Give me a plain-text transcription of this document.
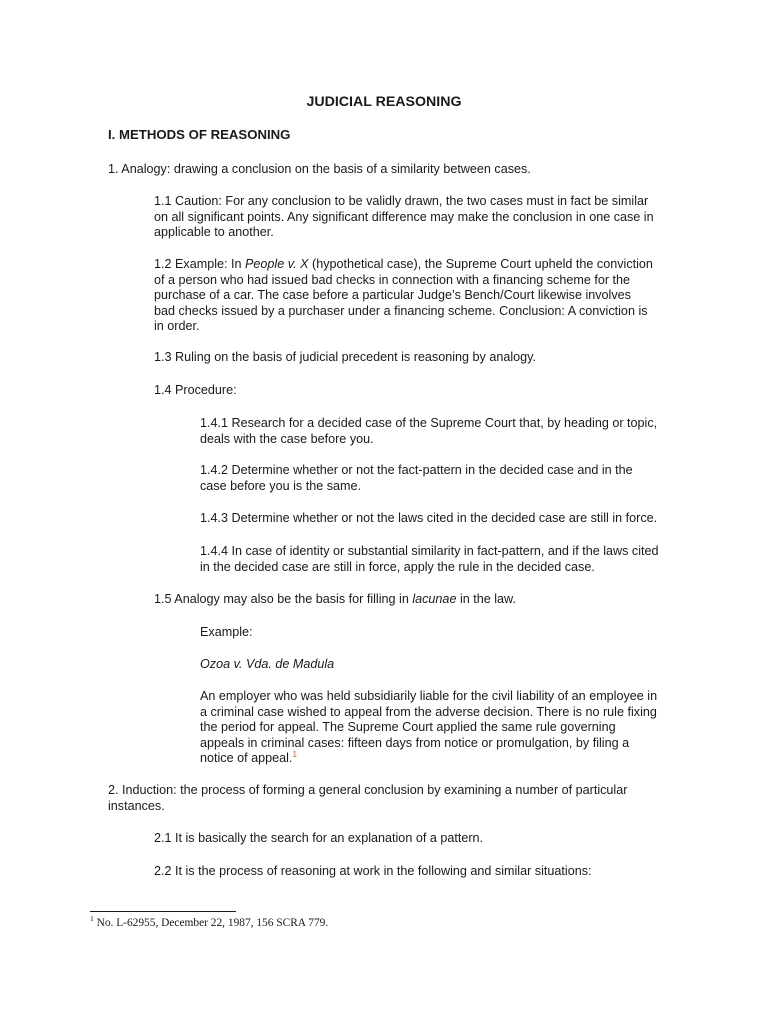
JUDICIAL REASONING

I. METHODS OF REASONING

1. Analogy: drawing a conclusion on the basis of a similarity between cases.

1.1 Caution: For any conclusion to be validly drawn, the two cases must in fact be similar on all significant points. Any significant difference may make the conclusion in one case in applicable to another.

1.2 Example: In People v. X (hypothetical case), the Supreme Court upheld the conviction of a person who had issued bad checks in connection with a financing scheme for the purchase of a car. The case before a particular Judge’s Bench/Court likewise involves bad checks issued by a purchaser under a financing scheme. Conclusion: A conviction is in order.

1.3 Ruling on the basis of judicial precedent is reasoning by analogy.

1.4 Procedure:

1.4.1 Research for a decided case of the Supreme Court that, by heading or topic, deals with the case before you.

1.4.2 Determine whether or not the fact-pattern in the decided case and in the case before you is the same.

1.4.3 Determine whether or not the laws cited in the decided case are still in force.

1.4.4 In case of identity or substantial similarity in fact-pattern, and if the laws cited in the decided case are still in force, apply the rule in the decided case.

1.5 Analogy may also be the basis for filling in lacunae in the law.

Example:

Ozoa v. Vda. de Madula

An employer who was held subsidiarily liable for the civil liability of an employee in a criminal case wished to appeal from the adverse decision. There is no rule fixing the period for appeal. The Supreme Court applied the same rule governing appeals in criminal cases: fifteen days from notice or promulgation, by filing a notice of appeal.$^1$

2. Induction: the process of forming a general conclusion by examining a number of particular instances.

2.1 It is basically the search for an explanation of a pattern.

2.2 It is the process of reasoning at work in the following and similar situations:

$^1$ No. L-62955, December 22, 1987, 156 SCRA 779.
